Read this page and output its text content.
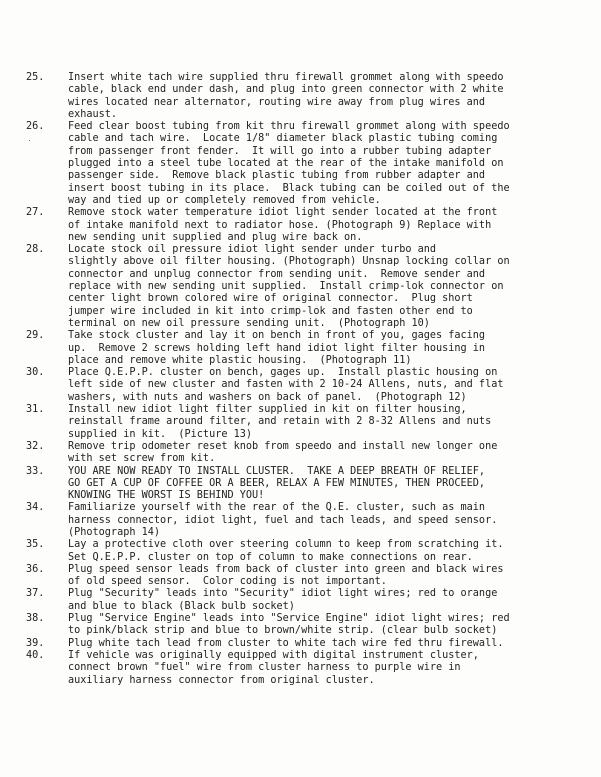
25.	Insert white tach wire supplied thru firewall grommet along with speedo
cable, black end under dash, and plug into green connector with 2 white
wires located near alternator, routing wire away from plug wires and
exhaust.
26.	Feed clear boost tubing from kit thru firewall grommet along with speedo
cable and tach wire.  Locate 1/8" diameter black plastic tubing coming
from passenger front fender.  It will go into a rubber tubing adapter
plugged into a steel tube located at the rear of the intake manifold on
passenger side.  Remove black plastic tubing from rubber adapter and
insert boost tubing in its place.  Black tubing can be coiled out of the
way and tied up or completely removed from vehicle.
27.	Remove stock water temperature idiot light sender located at the front
of intake manifold next to radiator hose. (Photograph 9) Replace with
new sending unit supplied and plug wire back on.
28.	Locate stock oil pressure idiot light sender under turbo and
slightly above oil filter housing. (Photograph) Unsnap locking collar on
connector and unplug connector from sending unit.  Remove sender and
replace with new sending unit supplied.  Install crimp-lok connector on
center light brown colored wire of original connector.  Plug short
jumper wire included in kit into crimp-lok and fasten other end to
terminal on new oil pressure sending unit.  (Photograph 10)
29.	Take stock cluster and lay it on bench in front of you, gages facing
up.  Remove 2 screws holding left hand idiot light filter housing in
place and remove white plastic housing.  (Photograph 11)
30.	Place Q.E.P.P. cluster on bench, gages up.  Install plastic housing on
left side of new cluster and fasten with 2 10-24 Allens, nuts, and flat
washers, with nuts and washers on back of panel.  (Photograph 12)
31.	Install new idiot light filter supplied in kit on filter housing,
reinstall frame around filter, and retain with 2 8-32 Allens and nuts
supplied in kit.  (Picture 13)
32.	Remove trip odometer reset knob from speedo and install new longer one
with set screw from kit.
33.	YOU ARE NOW READY TO INSTALL CLUSTER.  TAKE A DEEP BREATH OF RELIEF,
GO GET A CUP OF COFFEE OR A BEER, RELAX A FEW MINUTES, THEN PROCEED,
KNOWING THE WORST IS BEHIND YOU!
34.	Familiarize yourself with the rear of the Q.E. cluster, such as main
harness connector, idiot light, fuel and tach leads, and speed sensor.
(Photograph 14)
35.	Lay a protective cloth over steering column to keep from scratching it.
Set Q.E.P.P. cluster on top of column to make connections on rear.
36.	Plug speed sensor leads from back of cluster into green and black wires
of old speed sensor.  Color coding is not important.
37.	Plug "Security" leads into "Security" idiot light wires; red to orange
and blue to black (Black bulb socket)
38.	Plug "Service Engine" leads into "Service Engine" idiot light wires; red
to pink/black strip and blue to brown/white strip. (clear bulb socket)
39.	Plug white tach lead from cluster to white tach wire fed thru firewall.
40.	If vehicle was originally equipped with digital instrument cluster,
connect brown "fuel" wire from cluster harness to purple wire in
auxiliary harness connector from original cluster.
